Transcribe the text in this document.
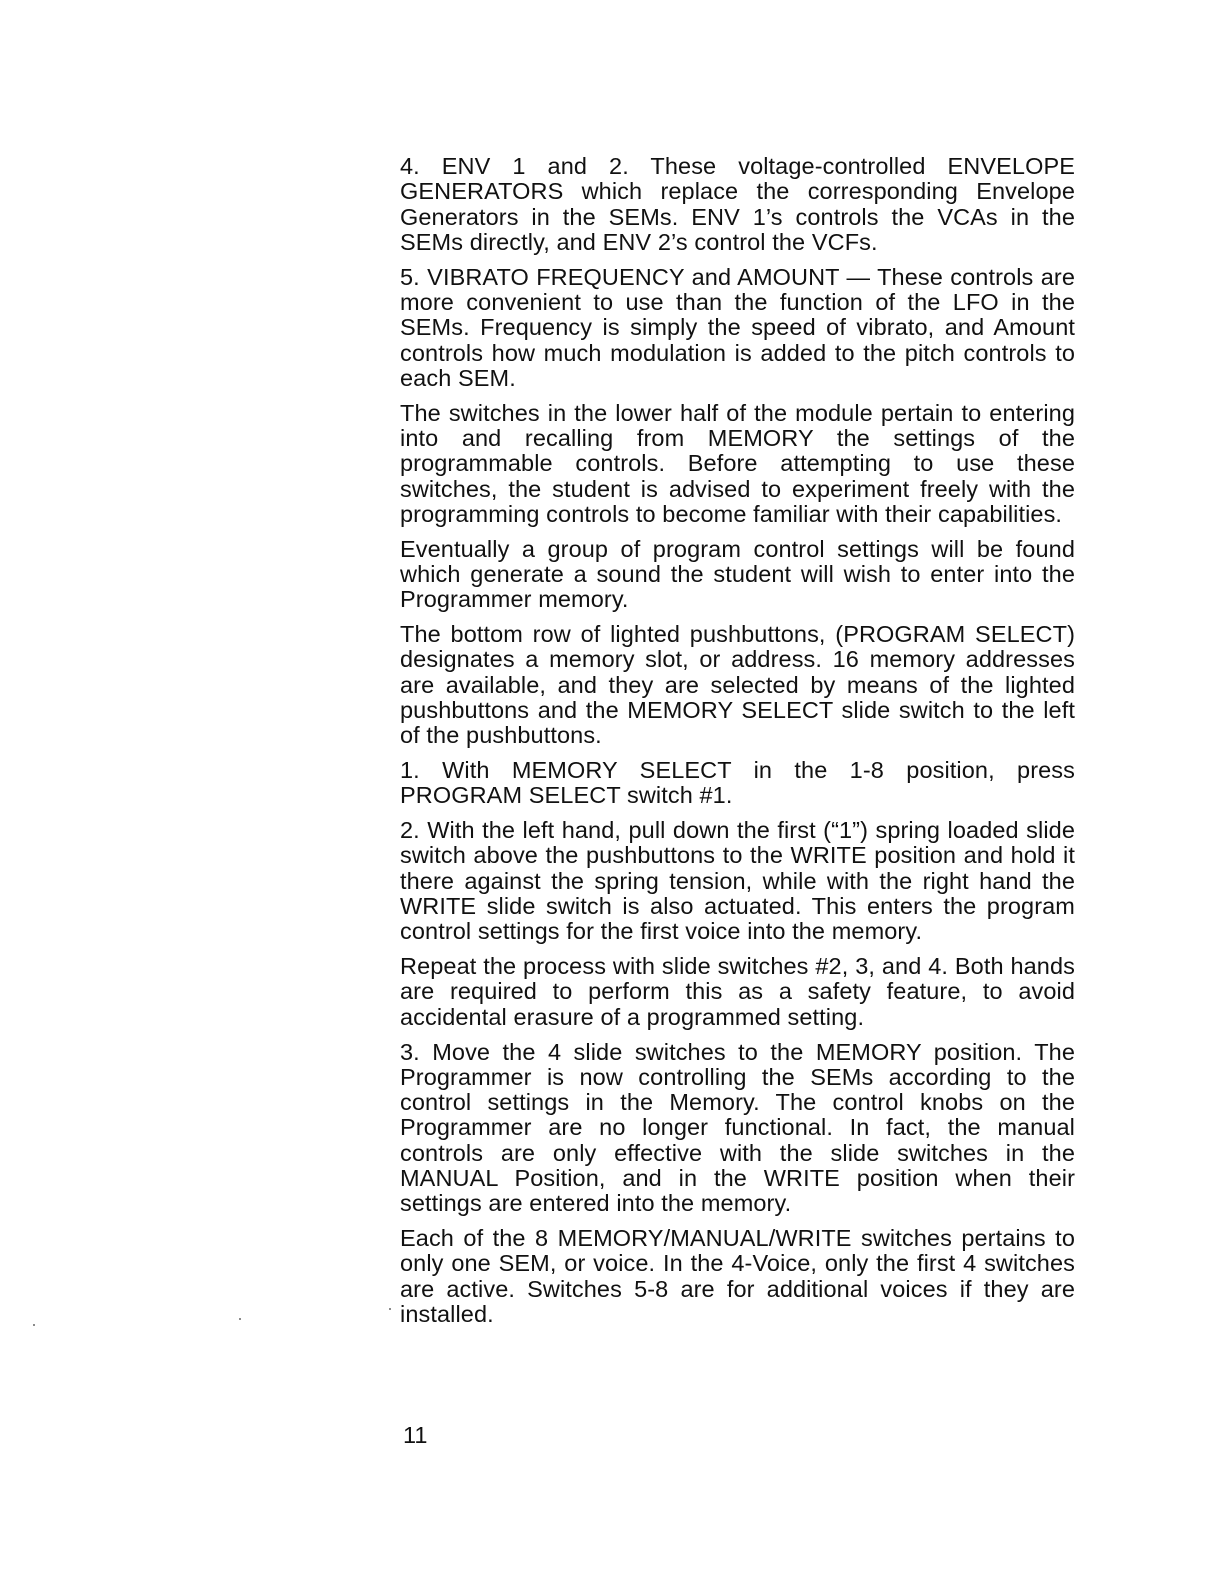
4. ENV 1 and 2. These voltage-controlled ENVELOPE GENERATORS which replace the corresponding Envelope Generators in the SEMs. ENV 1’s controls the VCAs in the SEMs directly, and ENV 2’s control the VCFs.

5. VIBRATO FREQUENCY and AMOUNT — These controls are more convenient to use than the function of the LFO in the SEMs. Frequency is simply the speed of vibrato, and Amount controls how much modulation is added to the pitch controls to each SEM.

The switches in the lower half of the module pertain to entering into and recalling from MEMORY the settings of the programmable controls. Before attempting to use these switches, the student is advised to experiment freely with the programming controls to become familiar with their capabilities.

Eventually a group of program control settings will be found which generate a sound the student will wish to enter into the Programmer memory.

The bottom row of lighted pushbuttons, (PROGRAM SELECT) designates a memory slot, or address. 16 memory addresses are available, and they are selected by means of the lighted pushbuttons and the MEMORY SELECT slide switch to the left of the pushbuttons.

1. With MEMORY SELECT in the 1-8 position, press PROGRAM SELECT switch #1.

2. With the left hand, pull down the first (“1”) spring loaded slide switch above the pushbuttons to the WRITE position and hold it there against the spring tension, while with the right hand the WRITE slide switch is also actuated. This enters the program control settings for the first voice into the memory.

Repeat the process with slide switches #2, 3, and 4. Both hands are required to perform this as a safety feature, to avoid accidental erasure of a programmed setting.

3. Move the 4 slide switches to the MEMORY position. The Programmer is now controlling the SEMs according to the control settings in the Memory. The control knobs on the Programmer are no longer functional. In fact, the manual controls are only effective with the slide switches in the MANUAL Position, and in the WRITE position when their settings are entered into the memory.

Each of the 8 MEMORY/MANUAL/WRITE switches pertains to only one SEM, or voice. In the 4-Voice, only the first 4 switches are active. Switches 5-8 are for additional voices if they are installed.

11
